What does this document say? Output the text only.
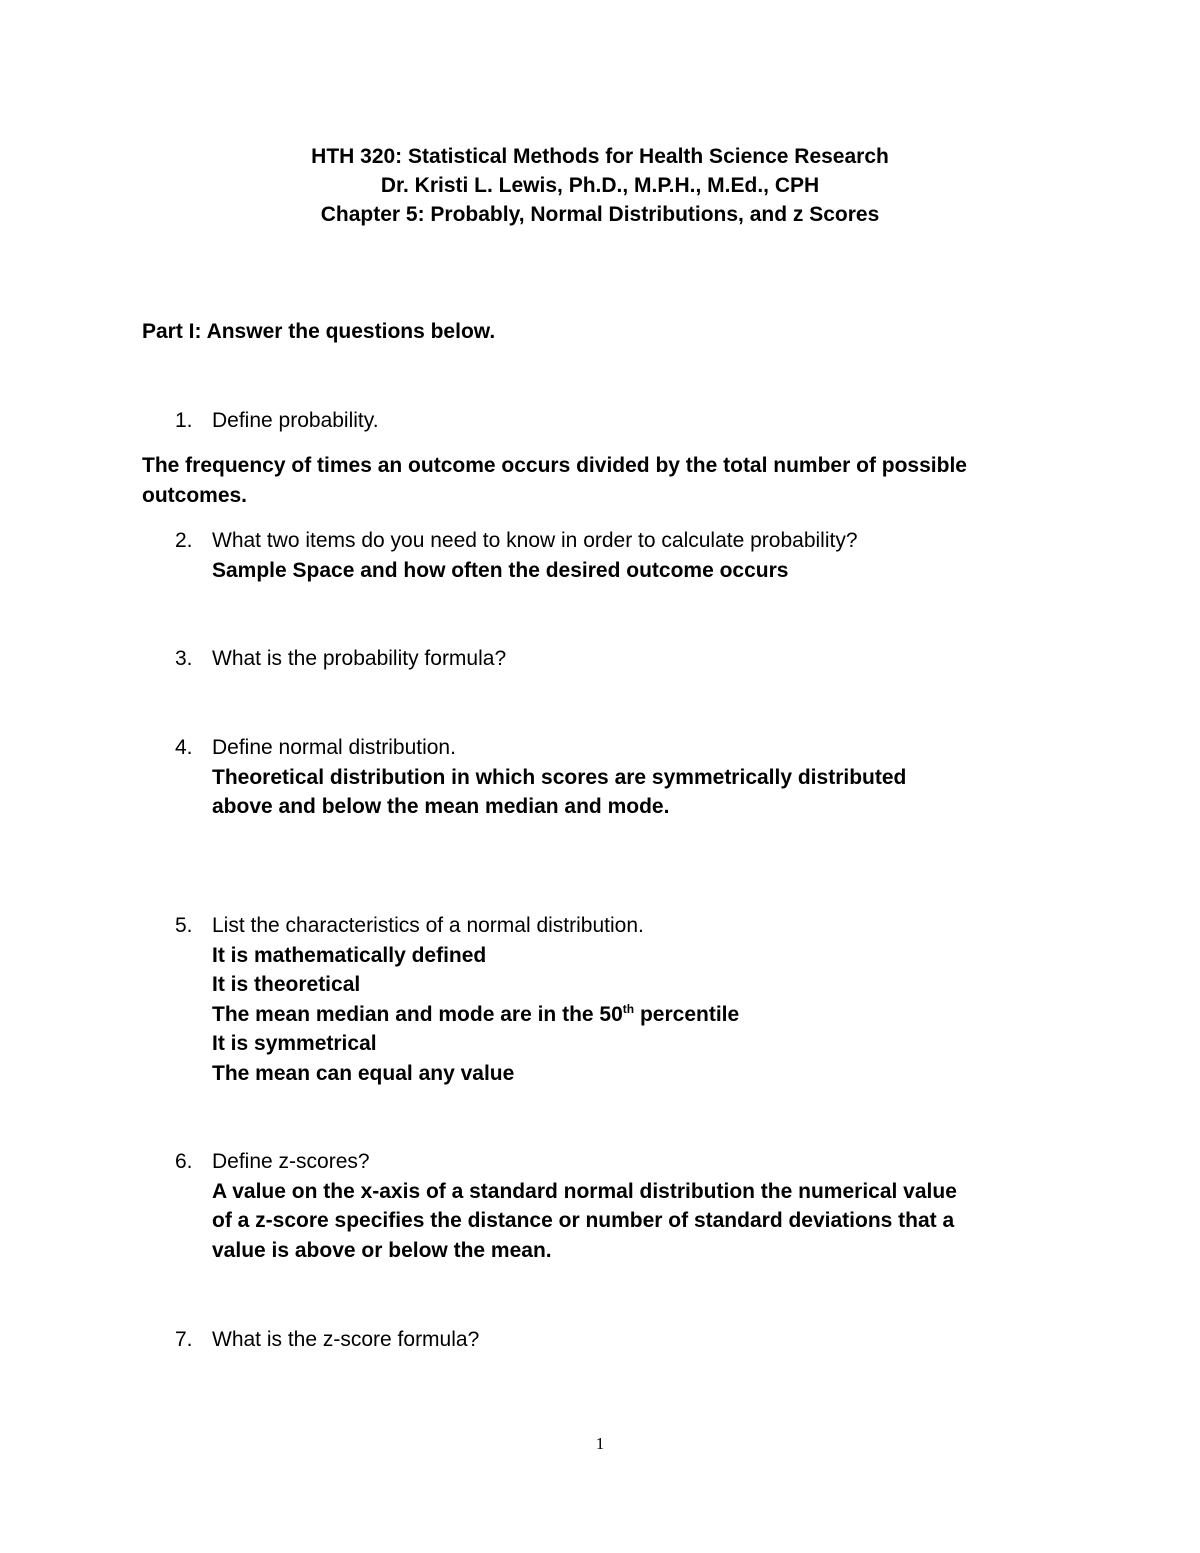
HTH 320: Statistical Methods for Health Science Research
Dr. Kristi L. Lewis, Ph.D., M.P.H., M.Ed., CPH
Chapter 5: Probably, Normal Distributions, and z Scores
Part I: Answer the questions below.
1. Define probability.
The frequency of times an outcome occurs divided by the total number of possible outcomes.
2. What two items do you need to know in order to calculate probability?
Sample Space and how often the desired outcome occurs
3. What is the probability formula?
4. Define normal distribution.
Theoretical distribution in which scores are symmetrically distributed
above and below the mean median and mode.
5. List the characteristics of a normal distribution.
It is mathematically defined
It is theoretical
The mean median and mode are in the 50th percentile
It is symmetrical
The mean can equal any value
6. Define z-scores?
A value on the x-axis of a standard normal distribution the numerical value
of a z-score specifies the distance or number of standard deviations that a
value is above or below the mean.
7. What is the z-score formula?
1
